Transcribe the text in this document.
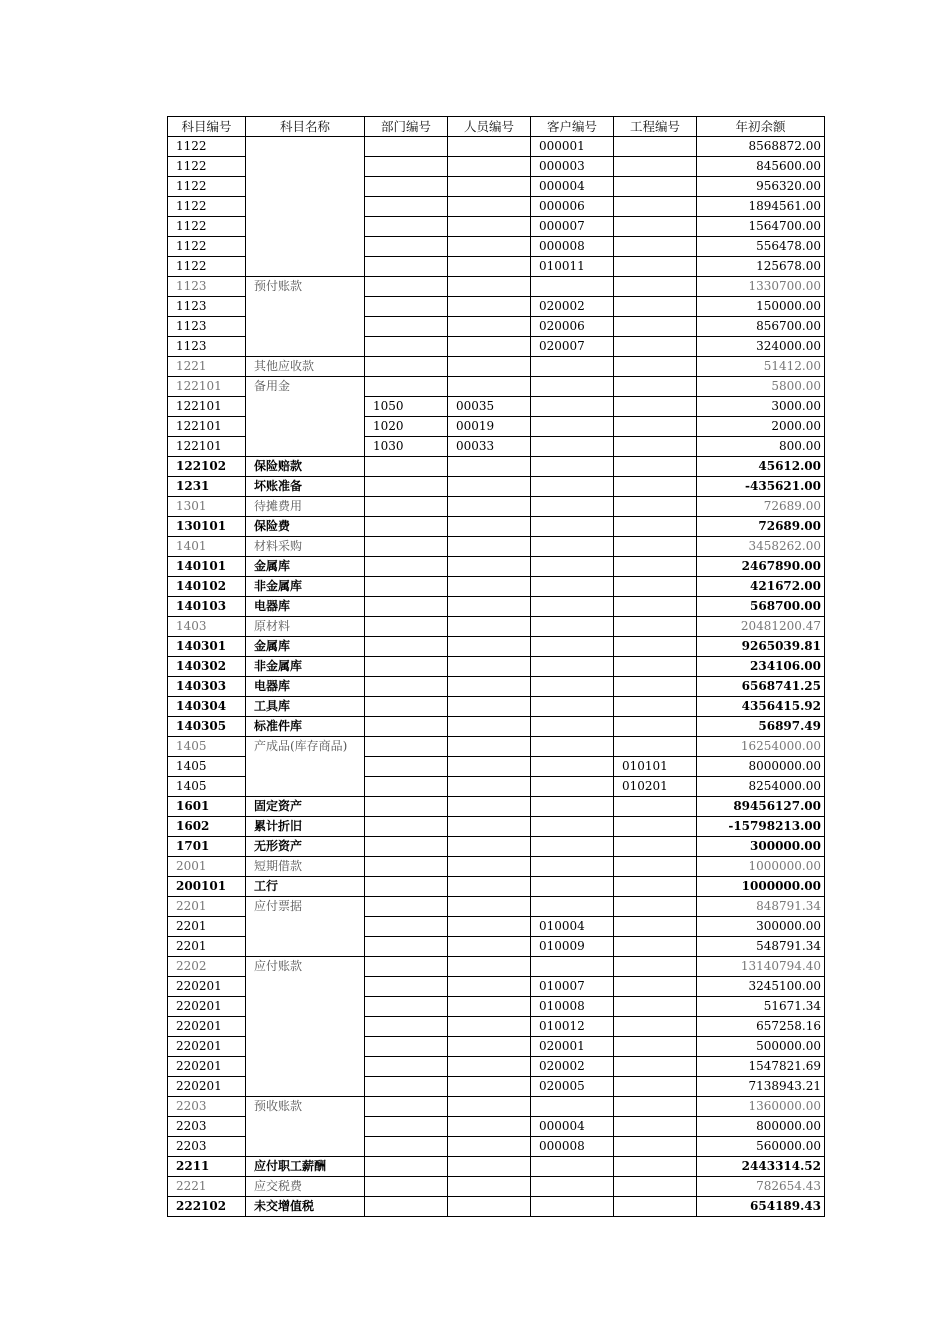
科目编号	科目名称	部门编号	人员编号	客户编号	工程编号	年初余额
1122				000001		8568872.00
1122				000003		845600.00
1122				000004		956320.00
1122				000006		1894561.00
1122				000007		1564700.00
1122				000008		556478.00
1122				010011		125678.00
1123	预付账款					1330700.00
1123				020002		150000.00
1123				020006		856700.00
1123				020007		324000.00
1221	其他应收款					51412.00
122101	备用金					5800.00
122101		1050	00035			3000.00
122101		1020	00019			2000.00
122101		1030	00033			800.00
122102	保险赔款					45612.00
1231	坏账准备					-435621.00
1301	待摊费用					72689.00
130101	保险费					72689.00
1401	材料采购					3458262.00
140101	金属库					2467890.00
140102	非金属库					421672.00
140103	电器库					568700.00
1403	原材料					20481200.47
140301	金属库					9265039.81
140302	非金属库					234106.00
140303	电器库					6568741.25
140304	工具库					4356415.92
140305	标准件库					56897.49
1405	产成品(库存商品)					16254000.00
1405					010101	8000000.00
1405					010201	8254000.00
1601	固定资产					89456127.00
1602	累计折旧					-15798213.00
1701	无形资产					300000.00
2001	短期借款					1000000.00
200101	工行					1000000.00
2201	应付票据					848791.34
2201				010004		300000.00
2201				010009		548791.34
2202	应付账款					13140794.40
220201				010007		3245100.00
220201				010008		51671.34
220201				010012		657258.16
220201				020001		500000.00
220201				020002		1547821.69
220201				020005		7138943.21
2203	预收账款					1360000.00
2203				000004		800000.00
2203				000008		560000.00
2211	应付职工薪酬					2443314.52
2221	应交税费					782654.43
222102	未交增值税					654189.43
